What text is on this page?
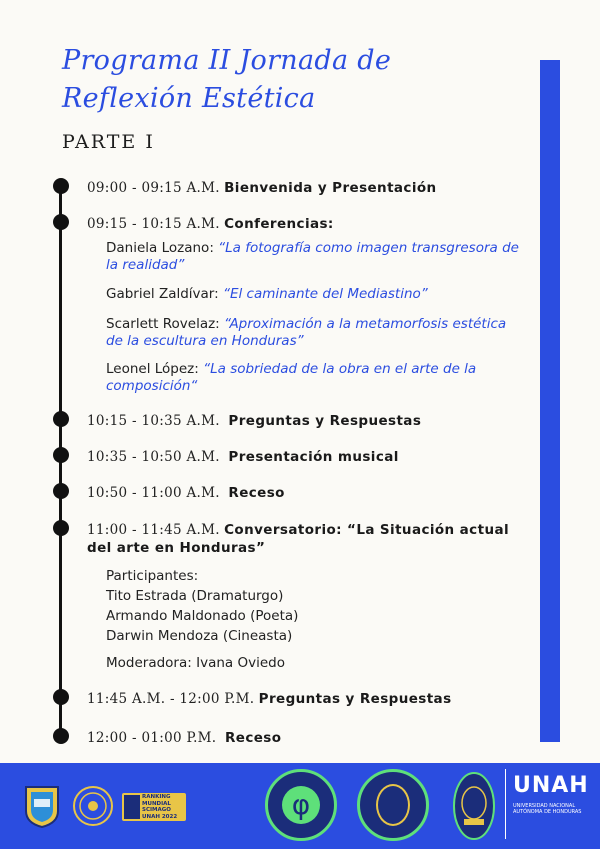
Programa II Jornada de Reflexión Estética
PARTE I
09:00 - 09:15 A.M. Bienvenida y Presentación
09:15 - 10:15 A.M. Conferencias:
Daniela Lozano: “La fotografía como imagen transgresora de la realidad”
Gabriel Zaldívar: “El caminante del Mediastino”
Scarlett Rovelaz: “Aproximación a la metamorfosis estética de la escultura en Honduras”
Leonel López: “La sobriedad de la obra en el arte de la composición“
10:15 - 10:35 A.M. Preguntas y Respuestas
10:35 - 10:50 A.M. Presentación musical
10:50 - 11:00 A.M. Receso
11:00 - 11:45 A.M. Conversatorio: “La Situación actual del arte en Honduras”
Participantes:
Tito Estrada (Dramaturgo)
Armando Maldonado (Poeta)
Darwin Mendoza (Cineasta)
Moderadora: Ivana Oviedo
11:45 A.M. - 12:00 P.M. Preguntas y Respuestas
12:00 - 01:00 P.M. Receso
RANKING
MUNDIAL
SCIMAGO
UNAH 2022	φ
UNAH
UNIVERSIDAD NACIONAL AUTÓNOMA DE HONDURAS
